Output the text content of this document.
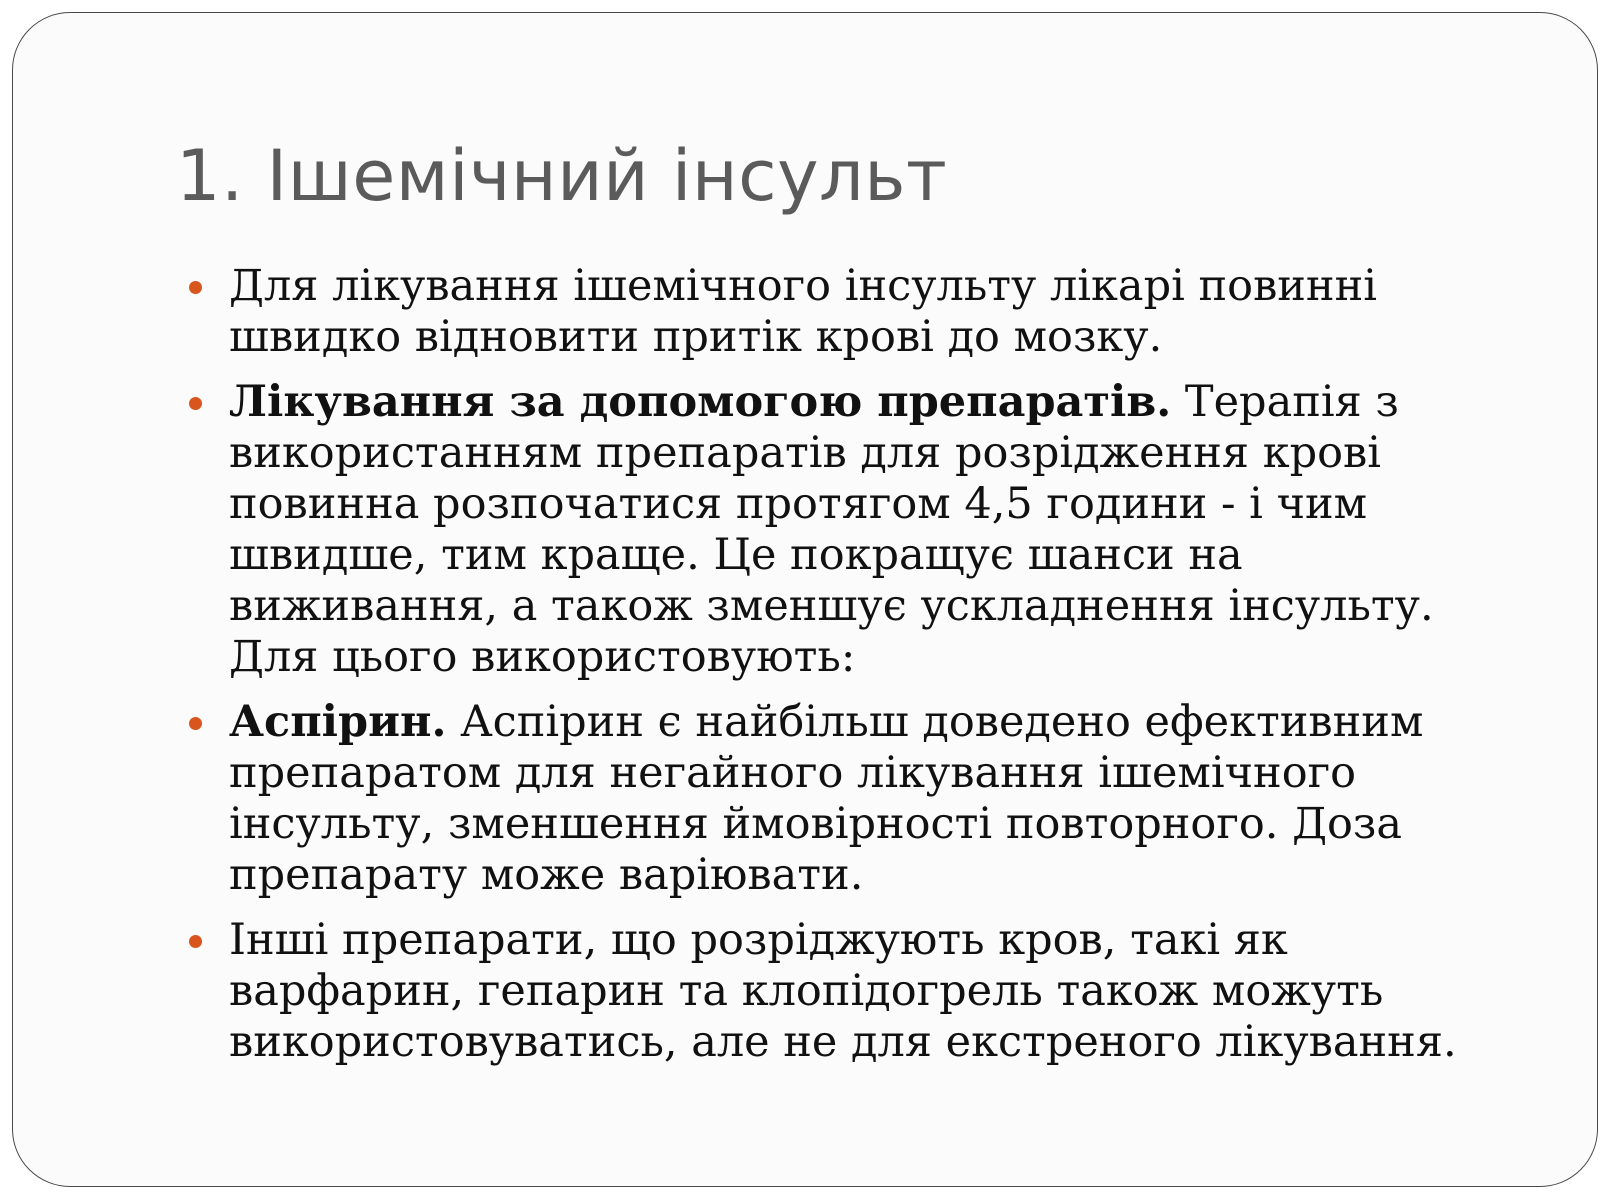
1. Ішемічний інсульт
Для лікування ішемічного інсульту лікарі повинні швидко відновити притік крові до мозку.
Лікування за допомогою препаратів. Терапія з використанням препаратів для розрідження крові повинна розпочатися протягом 4,5 години - і чим швидше, тим краще. Це покращує шанси на виживання, а також зменшує ускладнення інсульту. Для цього використовують:
Аспірин. Аспірин є найбільш доведено ефективним препаратом для негайного лікування ішемічного інсульту, зменшення ймовірності повторного. Доза препарату може варіювати.
Інші препарати, що розріджують кров, такі як варфарин, гепарин та клопідогрель також можуть використовуватись, але не для екстреного лікування.
